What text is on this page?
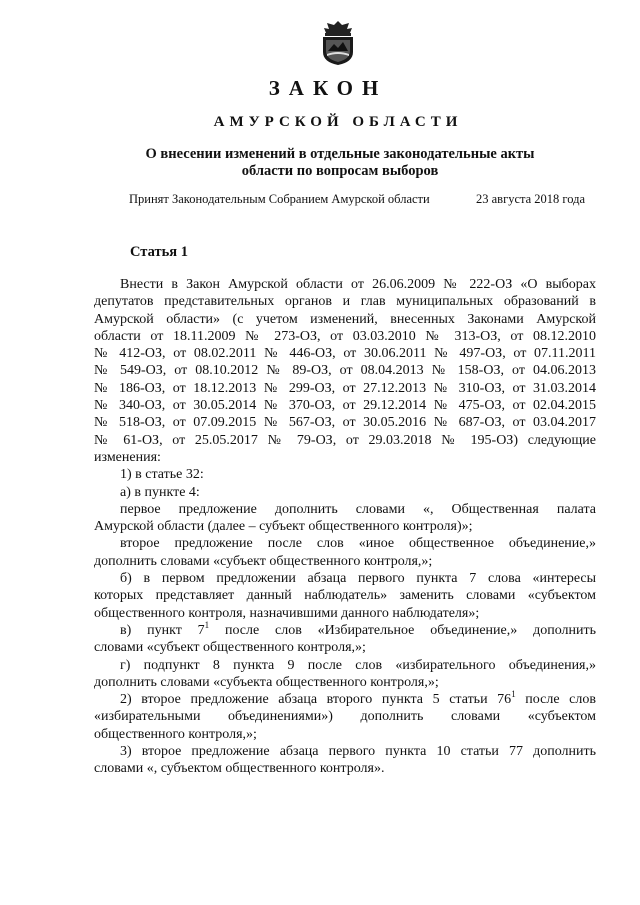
ЗАКОН
АМУРСКОЙ ОБЛАСТИ
О внесении изменений в отдельные законодательные акты
области по вопросам выборов
Принят Законодательным Собранием Амурской области	23 августа 2018 года
Статья 1
Внести в Закон Амурской области от 26.06.2009 № 222-ОЗ «О выборах
депутатов представительных органов и глав муниципальных образований в
Амурской области» (с учетом изменений, внесенных Законами Амурской
области от 18.11.2009 № 273-ОЗ, от 03.03.2010 № 313-ОЗ, от 08.12.2010
№ 412-ОЗ, от 08.02.2011 № 446-ОЗ, от 30.06.2011 № 497-ОЗ, от 07.11.2011
№ 549-ОЗ, от 08.10.2012 № 89-ОЗ, от 08.04.2013 № 158-ОЗ, от 04.06.2013
№ 186-ОЗ, от 18.12.2013 № 299-ОЗ, от 27.12.2013 № 310-ОЗ, от 31.03.2014
№ 340-ОЗ, от 30.05.2014 № 370-ОЗ, от 29.12.2014 № 475-ОЗ, от 02.04.2015
№ 518-ОЗ, от 07.09.2015 № 567-ОЗ, от 30.05.2016 № 687-ОЗ, от 03.04.2017
№ 61-ОЗ, от 25.05.2017 № 79-ОЗ, от 29.03.2018 № 195-ОЗ) следующие
изменения:
1) в статье 32:
а) в пункте 4:
первое предложение дополнить словами «, Общественная палата
Амурской области (далее – субъект общественного контроля)»;
второе предложение после слов «иное общественное объединение,»
дополнить словами «субъект общественного контроля,»;
б) в первом предложении абзаца первого пункта 7 слова «интересы
которых представляет данный наблюдатель» заменить словами «субъектом
общественного контроля, назначившими данного наблюдателя»;
в) пункт $7^1$ после слов «Избирательное объединение,» дополнить
словами «субъект общественного контроля,»;
г) подпункт 8 пункта 9 после слов «избирательного объединения,»
дополнить словами «субъекта общественного контроля,»;
2) второе предложение абзаца второго пункта 5 статьи $76^1$ после слов
«избирательными объединениями») дополнить словами «субъектом
общественного контроля,»;
3) второе предложение абзаца первого пункта 10 статьи 77 дополнить
словами «, субъектом общественного контроля».
